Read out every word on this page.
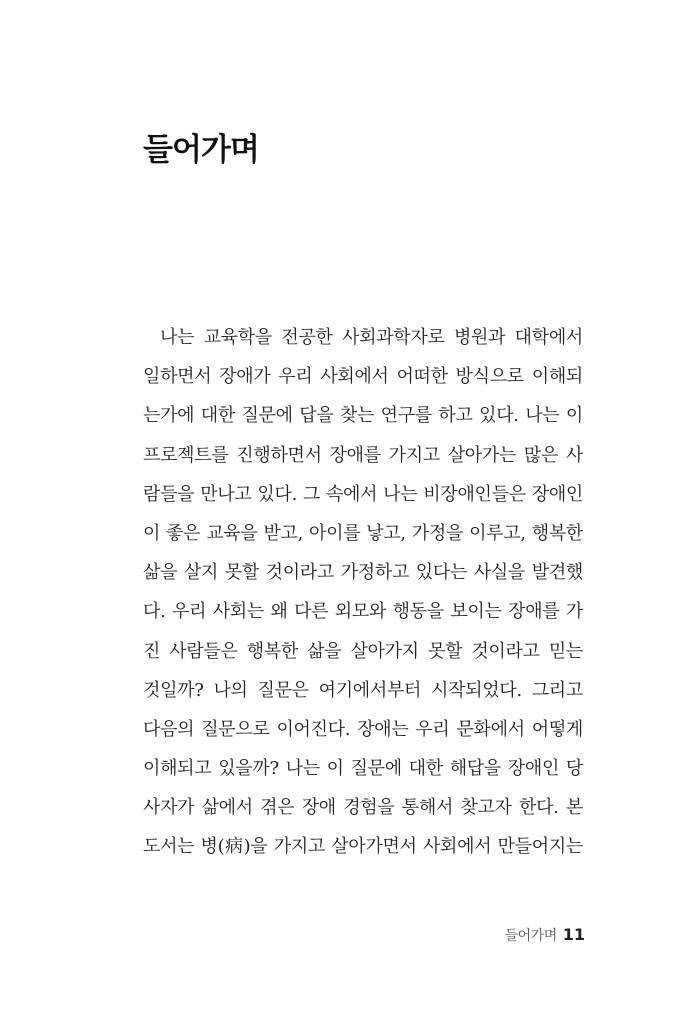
들어가며
나는 교육학을 전공한 사회과학자로 병원과 대학에서
일하면서 장애가 우리 사회에서 어떠한 방식으로 이해되
는가에 대한 질문에 답을 찾는 연구를 하고 있다. 나는 이
프로젝트를 진행하면서 장애를 가지고 살아가는 많은 사
람들을 만나고 있다. 그 속에서 나는 비장애인들은 장애인
이 좋은 교육을 받고, 아이를 낳고, 가정을 이루고, 행복한
삶을 살지 못할 것이라고 가정하고 있다는 사실을 발견했
다. 우리 사회는 왜 다른 외모와 행동을 보이는 장애를 가
진 사람들은 행복한 삶을 살아가지 못할 것이라고 믿는
것일까? 나의 질문은 여기에서부터 시작되었다. 그리고
다음의 질문으로 이어진다. 장애는 우리 문화에서 어떻게
이해되고 있을까? 나는 이 질문에 대한 해답을 장애인 당
사자가 삶에서 겪은 장애 경험을 통해서 찾고자 한다. 본
도서는 병(病)을 가지고 살아가면서 사회에서 만들어지는
들어가며 11
